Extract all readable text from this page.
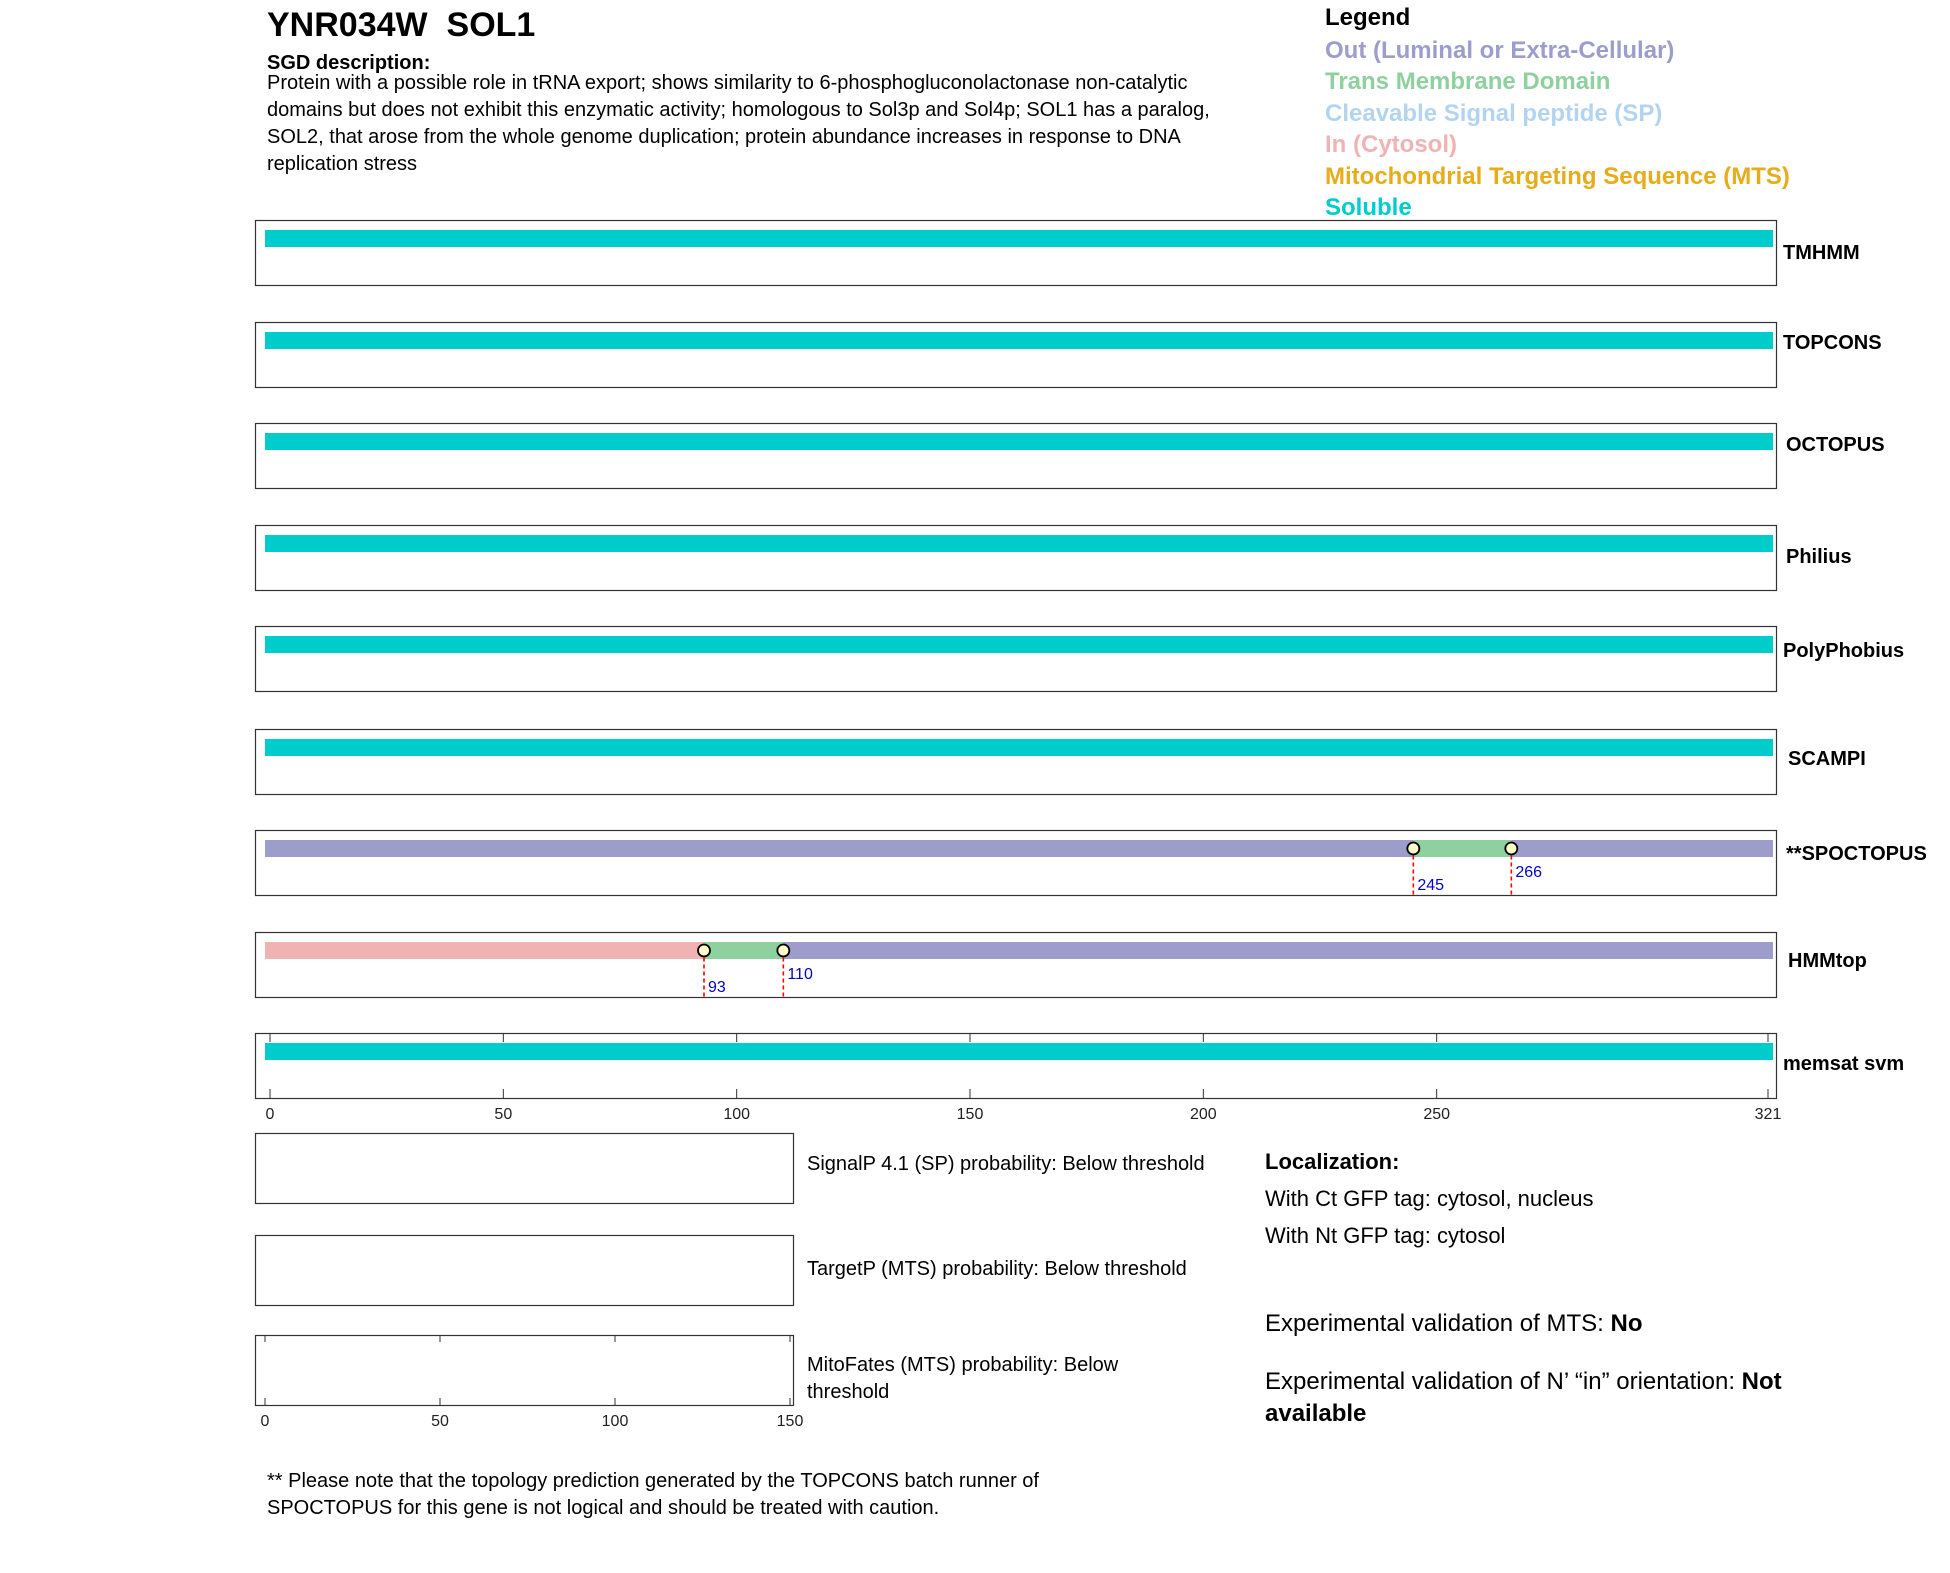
YNR034W SOL1
SGD description:
Protein with a possible role in tRNA export; shows similarity to 6-phosphogluconolactonase non-catalytic domains but does not exhibit this enzymatic activity; homologous to Sol3p and Sol4p; SOL1 has a paralog, SOL2, that arose from the whole genome duplication; protein abundance increases in response to DNA replication stress
Legend
Out (Luminal or Extra-Cellular)
Trans Membrane Domain
Cleavable Signal peptide (SP)
In (Cytosol)
Mitochondrial Targeting Sequence (MTS)
Soluble
245
266
93
110
0	50	100	150	200	250	321
TMHMM
TOPCONS
OCTOPUS
Philius
PolyPhobius
SCAMPI
**SPOCTOPUS
HMMtop
memsat svm
0	50	100	150
SignalP 4.1 (SP) probability: Below threshold
TargetP (MTS) probability: Below threshold
MitoFates (MTS) probability: Below threshold
Localization:
With Ct GFP tag: cytosol, nucleus
With Nt GFP tag: cytosol
Experimental validation of MTS: No
Experimental validation of N’ “in” orientation: Not available
** Please note that the topology prediction generated by the TOPCONS batch runner of SPOCTOPUS for this gene is not logical and should be treated with caution.
